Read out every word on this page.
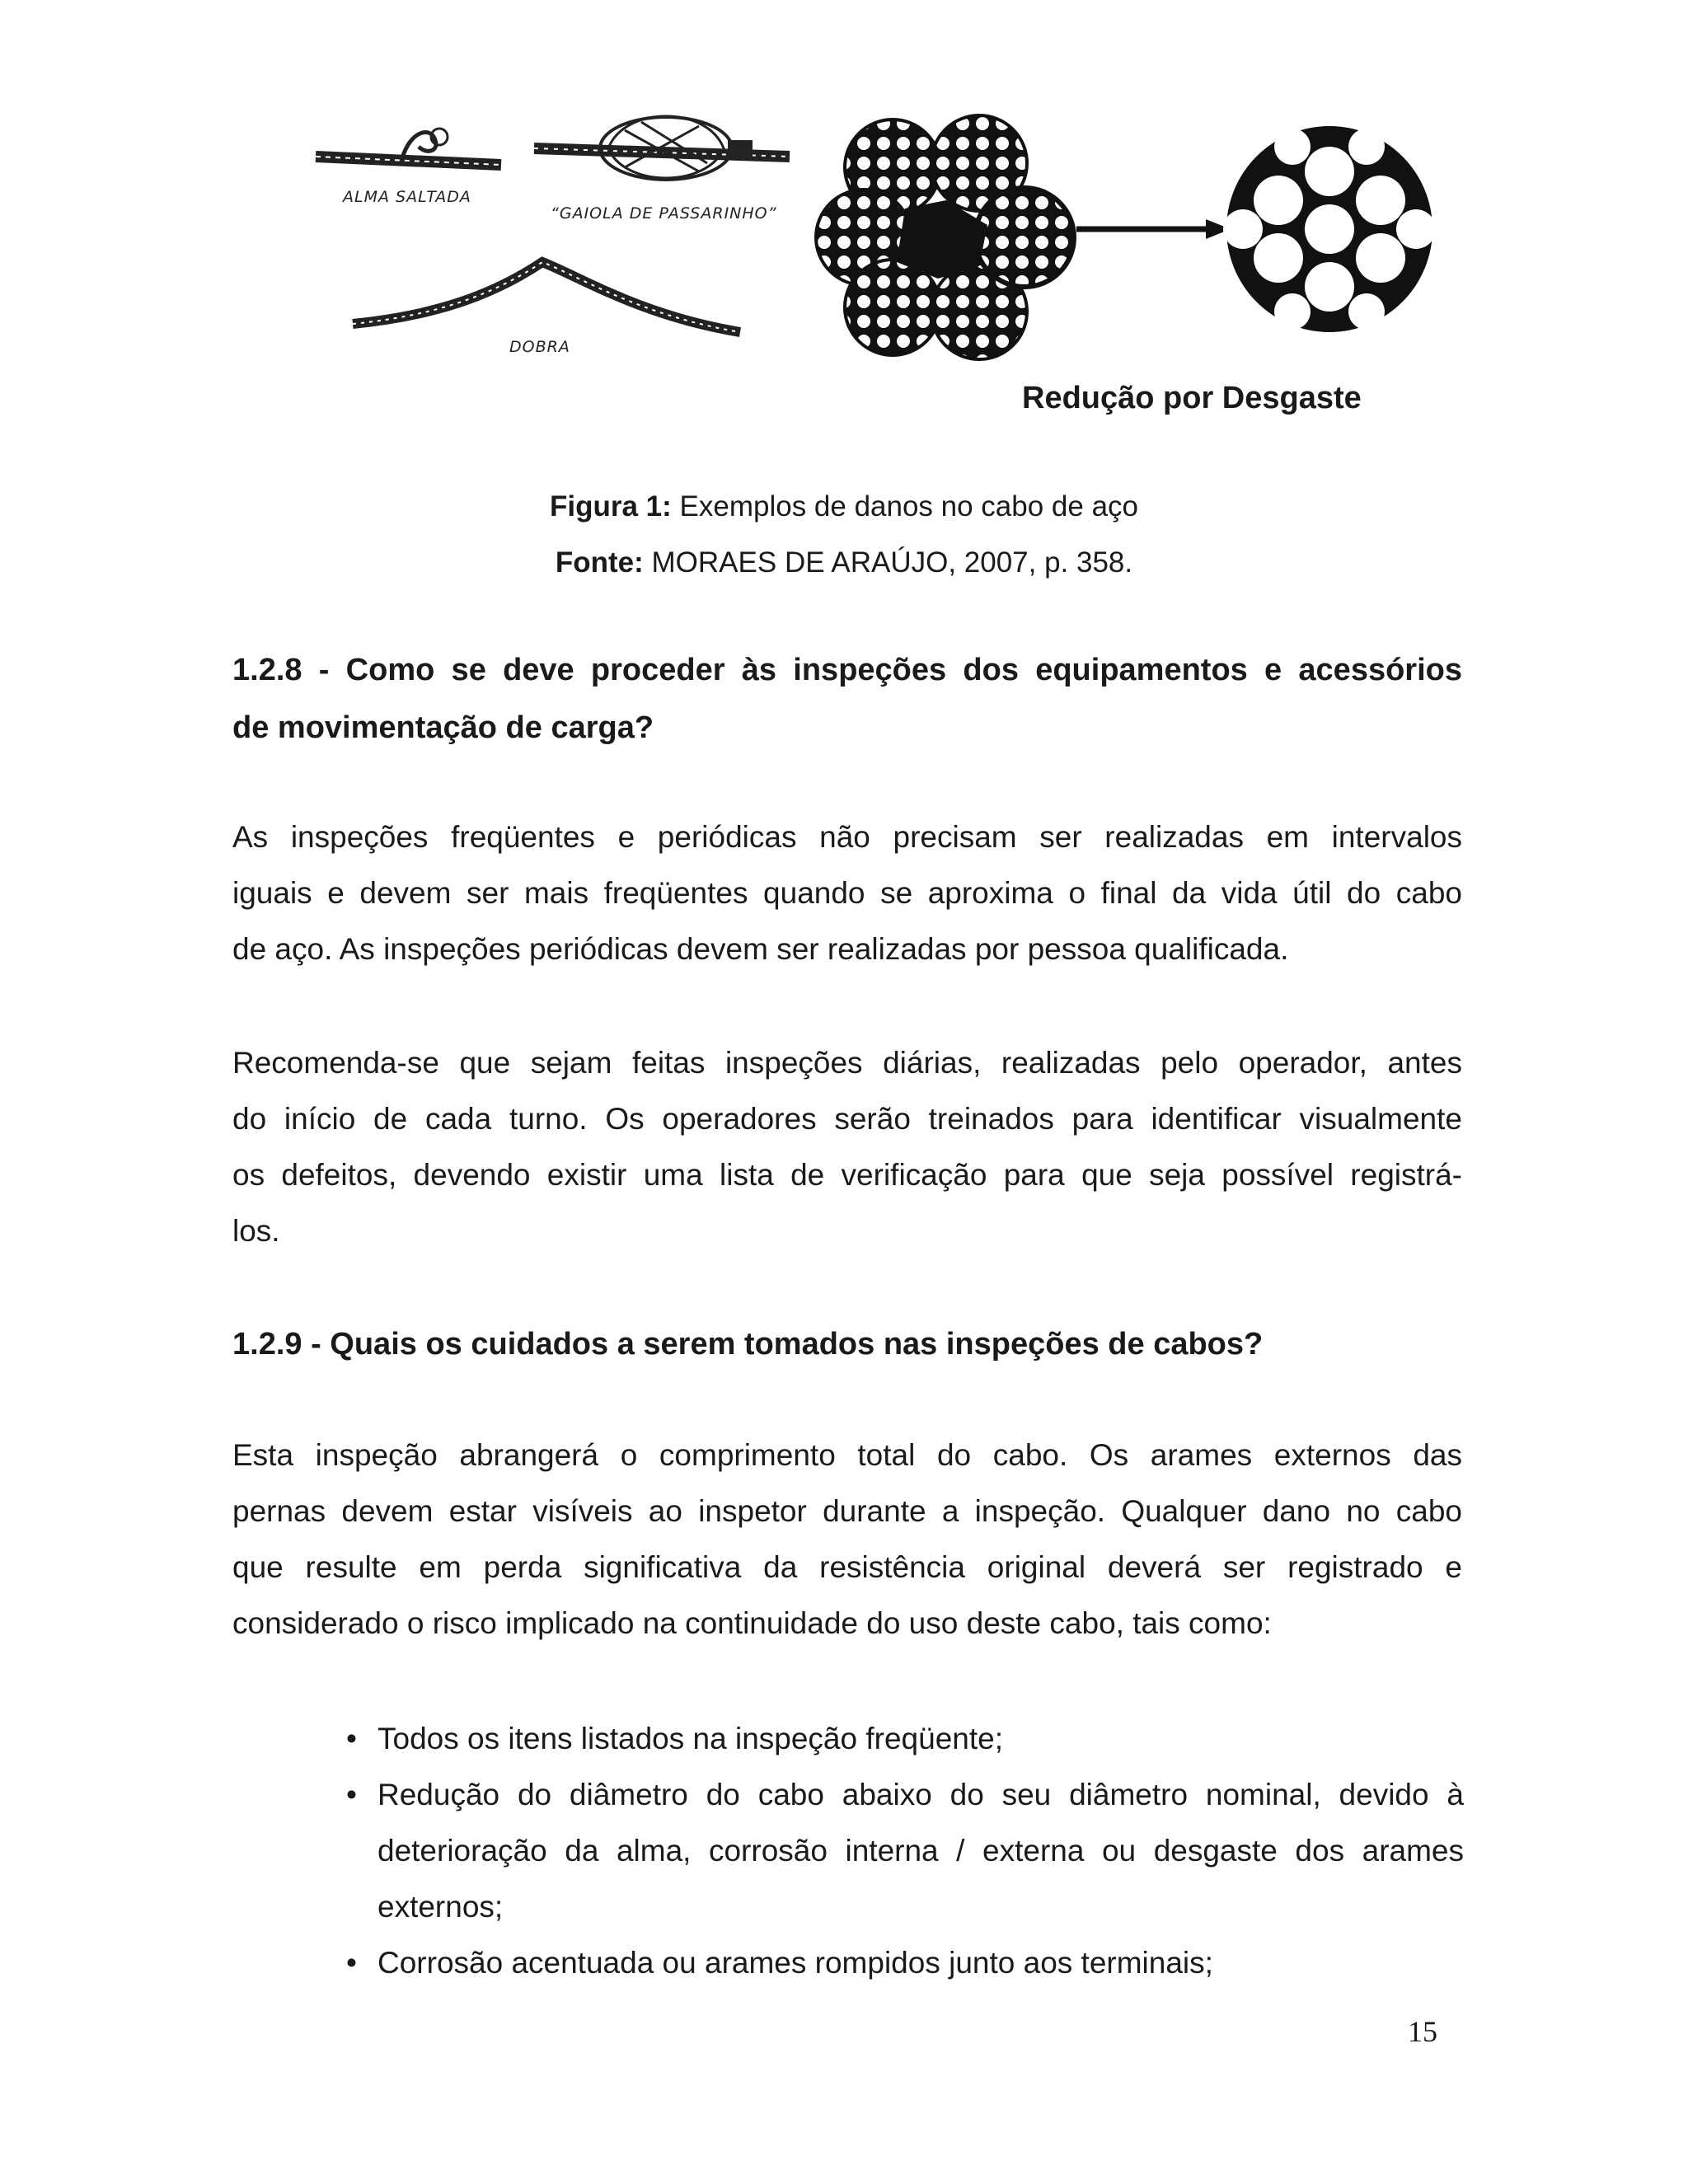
ALMA SALTADA
“GAIOLA DE PASSARINHO”
DOBRA
Redução por Desgaste
Figura 1: Exemplos de danos no cabo de aço
Fonte: MORAES DE ARAÚJO, 2007, p. 358.
1.2.8 - Como se deve proceder às inspeções dos equipamentos e acessórios
de movimentação de carga?
As inspeções freqüentes e periódicas não precisam ser realizadas em intervalos
iguais e devem ser mais freqüentes quando se aproxima o final da vida útil do cabo
de aço. As inspeções periódicas devem ser realizadas por pessoa qualificada.
Recomenda-se que sejam feitas inspeções diárias, realizadas pelo operador, antes
do início de cada turno. Os operadores serão treinados para identificar visualmente
os defeitos, devendo existir uma lista de verificação para que seja possível registrá-
los.
1.2.9 - Quais os cuidados a serem tomados nas inspeções de cabos?
Esta inspeção abrangerá o comprimento total do cabo. Os arames externos das
pernas devem estar visíveis ao inspetor durante a inspeção. Qualquer dano no cabo
que resulte em perda significativa da resistência original deverá ser registrado e
considerado o risco implicado na continuidade do uso deste cabo, tais como:
• Todos os itens listados na inspeção freqüente;
• Redução do diâmetro do cabo abaixo do seu diâmetro nominal, devido à deterioração da alma, corrosão interna / externa ou desgaste dos arames externos;
• Corrosão acentuada ou arames rompidos junto aos terminais;
15
